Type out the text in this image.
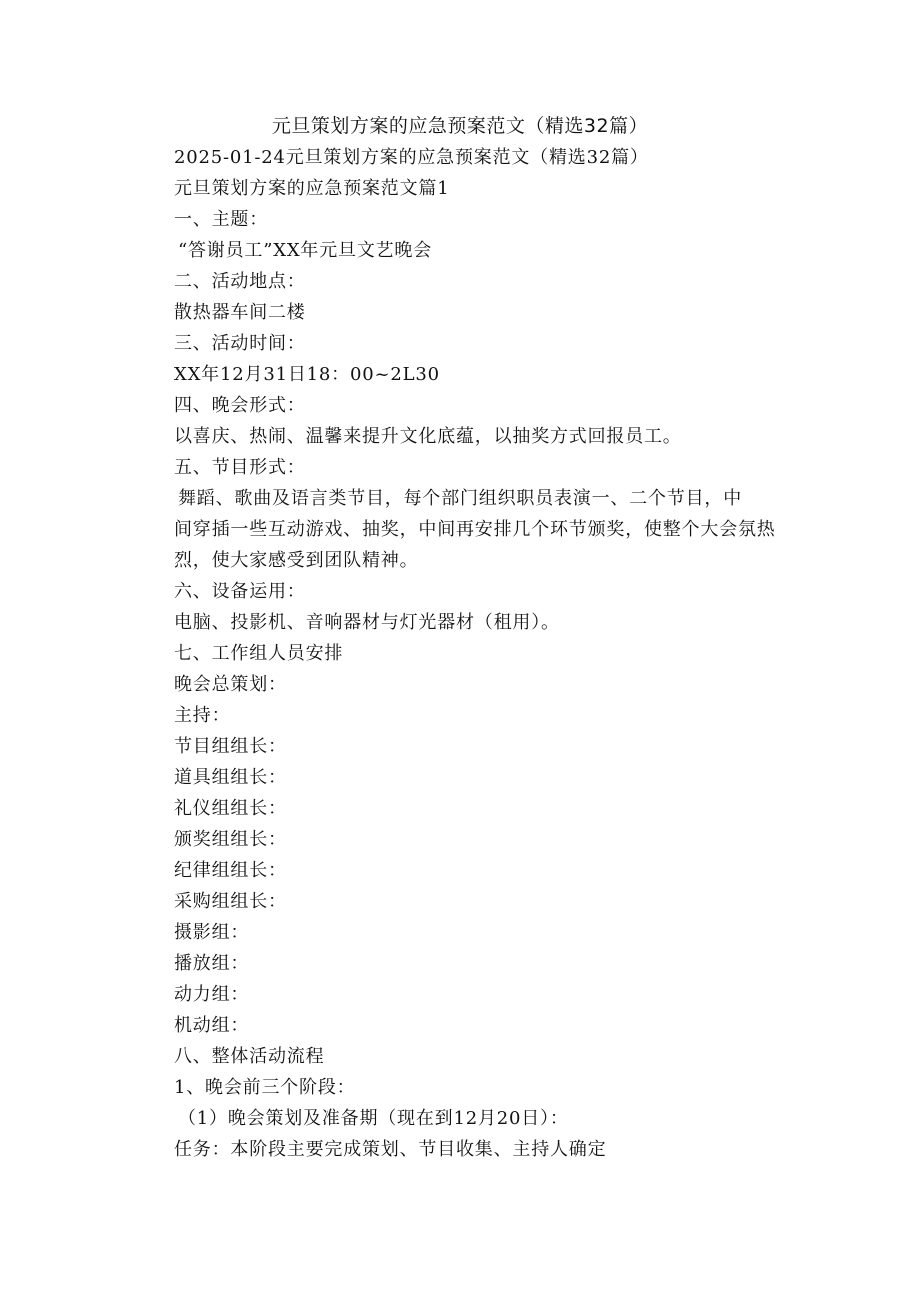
元旦策划方案的应急预案范文（精选32篇）
2025-01-24元旦策划方案的应急预案范文（精选32篇）
元旦策划方案的应急预案范文篇1
一、主题：
“答谢员工”XX年元旦文艺晚会
二、活动地点：
散热器车间二楼
三、活动时间：
XX年12月31日18：00~2L30
四、晚会形式：
以喜庆、热闹、温馨来提升文化底蕴，以抽奖方式回报员工。
五、节目形式：
舞蹈、歌曲及语言类节目，每个部门组织职员表演一、二个节目，中
间穿插一些互动游戏、抽奖，中间再安排几个环节颁奖，使整个大会氛热
烈，使大家感受到团队精神。
六、设备运用：
电脑、投影机、音响器材与灯光器材（租用）。
七、工作组人员安排
晚会总策划：
主持：
节目组组长：
道具组组长：
礼仪组组长：
颁奖组组长：
纪律组组长：
采购组组长：
摄影组：
播放组：
动力组：
机动组：
八、整体活动流程
1、晚会前三个阶段：
（1）晚会策划及准备期（现在到12月20日）：
任务：本阶段主要完成策划、节目收集、主持人确定
